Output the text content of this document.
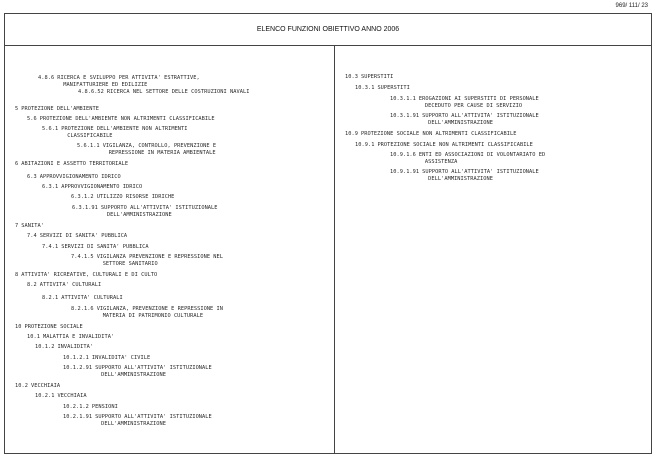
969/ 111/ 23
ELENCO FUNZIONI OBIETTIVO ANNO 2006
4.8.6 RICERCA E SVILUPPO PER ATTIVITA' ESTRATTIVE,
MANIFATTURIERE ED EDILIZIE
4.8.6.52 RICERCA NEL SETTORE DELLE COSTRUZIONI NAVALI
5 PROTEZIONE DELL'AMBIENTE
5.6 PROTEZIONE DELL'AMBIENTE NON ALTRIMENTI CLASSIFICABILE
5.6.1 PROTEZIONE DELL'AMBIENTE NON ALTRIMENTI
CLASSIFICABILE
5.6.1.1 VIGILANZA, CONTROLLO, PREVENZIONE E
REPRESSIONE IN MATERIA AMBIENTALE
6 ABITAZIONI E ASSETTO TERRITORIALE
6.3 APPROVVIGIONAMENTO IDRICO
6.3.1 APPROVVIGIONAMENTO IDRICO
6.3.1.2 UTILIZZO RISORSE IDRICHE
6.3.1.91 SUPPORTO ALL'ATTIVITA' ISTITUZIONALE
DELL'AMMINISTRAZIONE
7 SANITA'
7.4 SERVIZI DI SANITA' PUBBLICA
7.4.1 SERVIZI DI SANITA' PUBBLICA
7.4.1.5 VIGILANZA PREVENZIONE E REPRESSIONE NEL
SETTORE SANITARIO
8 ATTIVITA' RICREATIVE, CULTURALI E DI CULTO
8.2 ATTIVITA' CULTURALI
8.2.1 ATTIVITA' CULTURALI
8.2.1.6 VIGILANZA, PREVENZIONE E REPRESSIONE IN
MATERIA DI PATRIMONIO CULTURALE
10 PROTEZIONE SOCIALE
10.1 MALATTIA E INVALIDITA'
10.1.2 INVALIDITA'
10.1.2.1 INVALIDITA' CIVILE
10.1.2.91 SUPPORTO ALL'ATTIVITA' ISTITUZIONALE
DELL'AMMINISTRAZIONE
10.2 VECCHIAIA
10.2.1 VECCHIAIA
10.2.1.2 PENSIONI
10.2.1.91 SUPPORTO ALL'ATTIVITA' ISTITUZIONALE
DELL'AMMINISTRAZIONE
10.3 SUPERSTITI
10.3.1 SUPERSTITI
10.3.1.1 EROGAZIONI AI SUPERSTITI DI PERSONALE
DECEDUTO PER CAUSE DI SERVIZIO
10.3.1.91 SUPPORTO ALL'ATTIVITA' ISTITUZIONALE
DELL'AMMINISTRAZIONE
10.9 PROTEZIONE SOCIALE NON ALTRIMENTI CLASSIFICABILE
10.9.1 PROTEZIONE SOCIALE NON ALTRIMENTI CLASSIFICABILE
10.9.1.6 ENTI ED ASSOCIAZIONI DI VOLONTARIATO ED
ASSISTENZA
10.9.1.91 SUPPORTO ALL'ATTIVITA' ISTITUZIONALE
DELL'AMMINISTRAZIONE
